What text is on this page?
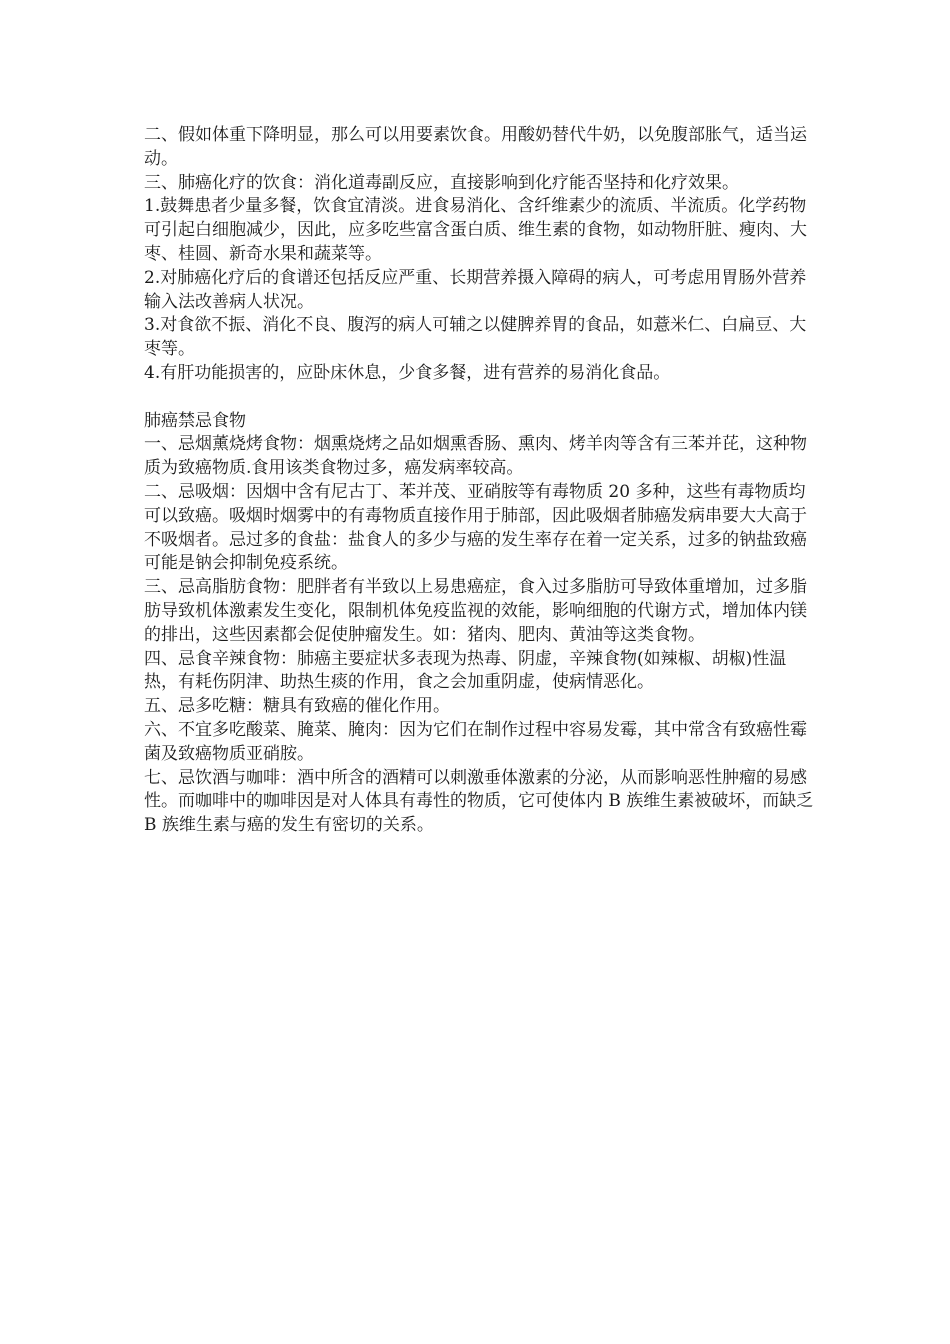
二、假如体重下降明显，那么可以用要素饮食。用酸奶替代牛奶，以免腹部胀气，适当运动。

三、肺癌化疗的饮食：消化道毒副反应，直接影响到化疗能否坚持和化疗效果。

1.鼓舞患者少量多餐，饮食宜清淡。进食易消化、含纤维素少的流质、半流质。化学药物可引起白细胞减少，因此，应多吃些富含蛋白质、维生素的食物，如动物肝脏、瘦肉、大枣、桂圆、新奇水果和蔬菜等。

2.对肺癌化疗后的食谱还包括反应严重、长期营养摄入障碍的病人，可考虑用胃肠外营养输入法改善病人状况。

3.对食欲不振、消化不良、腹泻的病人可辅之以健脾养胃的食品，如薏米仁、白扁豆、大枣等。

4.有肝功能损害的，应卧床休息，少食多餐，进有营养的易消化食品。

肺癌禁忌食物

一、忌烟薰烧烤食物：烟熏烧烤之品如烟熏香肠、熏肉、烤羊肉等含有三苯并芘，这种物质为致癌物质.食用该类食物过多，癌发病率较高。

二、忌吸烟：因烟中含有尼古丁、苯并茂、亚硝胺等有毒物质 20 多种，这些有毒物质均可以致癌。吸烟时烟雾中的有毒物质直接作用于肺部，因此吸烟者肺癌发病串要大大高于不吸烟者。忌过多的食盐：盐食人的多少与癌的发生率存在着一定关系，过多的钠盐致癌可能是钠会抑制免疫系统。

三、忌高脂肪食物：肥胖者有半致以上易患癌症，食入过多脂肪可导致体重增加，过多脂肪导致机体激素发生变化，限制机体免疫监视的效能，影响细胞的代谢方式，增加体内镁的排出，这些因素都会促使肿瘤发生。如：猪肉、肥肉、黄油等这类食物。

四、忌食辛辣食物：肺癌主要症状多表现为热毒、阴虚，辛辣食物(如辣椒、胡椒)性温热，有耗伤阴津、助热生痰的作用，食之会加重阴虚，使病情恶化。

五、忌多吃糖：糖具有致癌的催化作用。

六、不宜多吃酸菜、腌菜、腌肉：因为它们在制作过程中容易发霉，其中常含有致癌性霉菌及致癌物质亚硝胺。

七、忌饮酒与咖啡：酒中所含的酒精可以刺激垂体激素的分泌，从而影响恶性肿瘤的易感性。而咖啡中的咖啡因是对人体具有毒性的物质，它可使体内 B 族维生素被破坏，而缺乏 B 族维生素与癌的发生有密切的关系。
